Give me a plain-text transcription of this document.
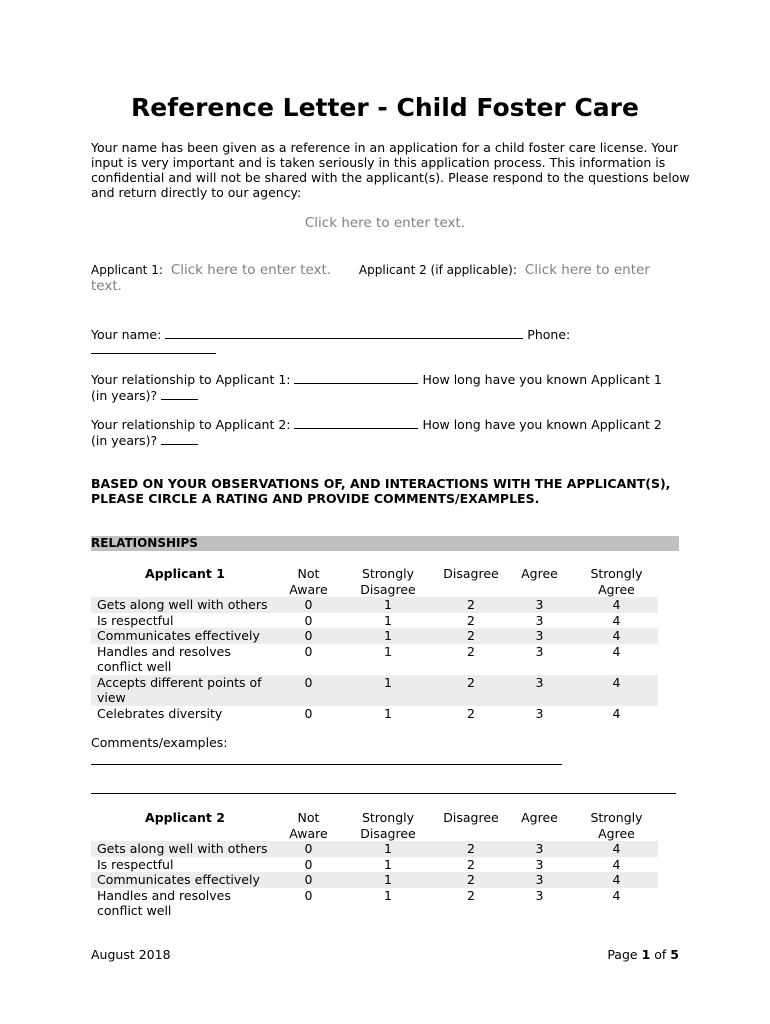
Reference Letter - Child Foster Care
Your name has been given as a reference in an application for a child foster care license. Your input is very important and is taken seriously in this application process. This information is confidential and will not be shared with the applicant(s). Please respond to the questions below and return directly to our agency:
Click here to enter text.
Applicant 1: Click here to enter text. Applicant 2 (if applicable): Click here to enter text.
Your name:	Phone:
Your relationship to Applicant 1:	How long have you known Applicant 1 (in years)?
Your relationship to Applicant 2:	How long have you known Applicant 2 (in years)?
BASED ON YOUR OBSERVATIONS OF, AND INTERACTIONS WITH THE APPLICANT(S), PLEASE CIRCLE A RATING AND PROVIDE COMMENTS/EXAMPLES.
RELATIONSHIPS
Applicant 1	Not Aware	Strongly Disagree	Disagree	Agree	Strongly Agree
Gets along well with others	0	1	2	3	4
Is respectful	0	1	2	3	4
Communicates effectively	0	1	2	3	4
Handles and resolves conflict well	0	1	2	3	4
Accepts different points of view	0	1	2	3	4
Celebrates diversity	0	1	2	3	4
Comments/examples:
Applicant 2	Not Aware	Strongly Disagree	Disagree	Agree	Strongly Agree
Gets along well with others	0	1	2	3	4
Is respectful	0	1	2	3	4
Communicates effectively	0	1	2	3	4
Handles and resolves conflict well	0	1	2	3	4
August 2018	Page 1 of 5
